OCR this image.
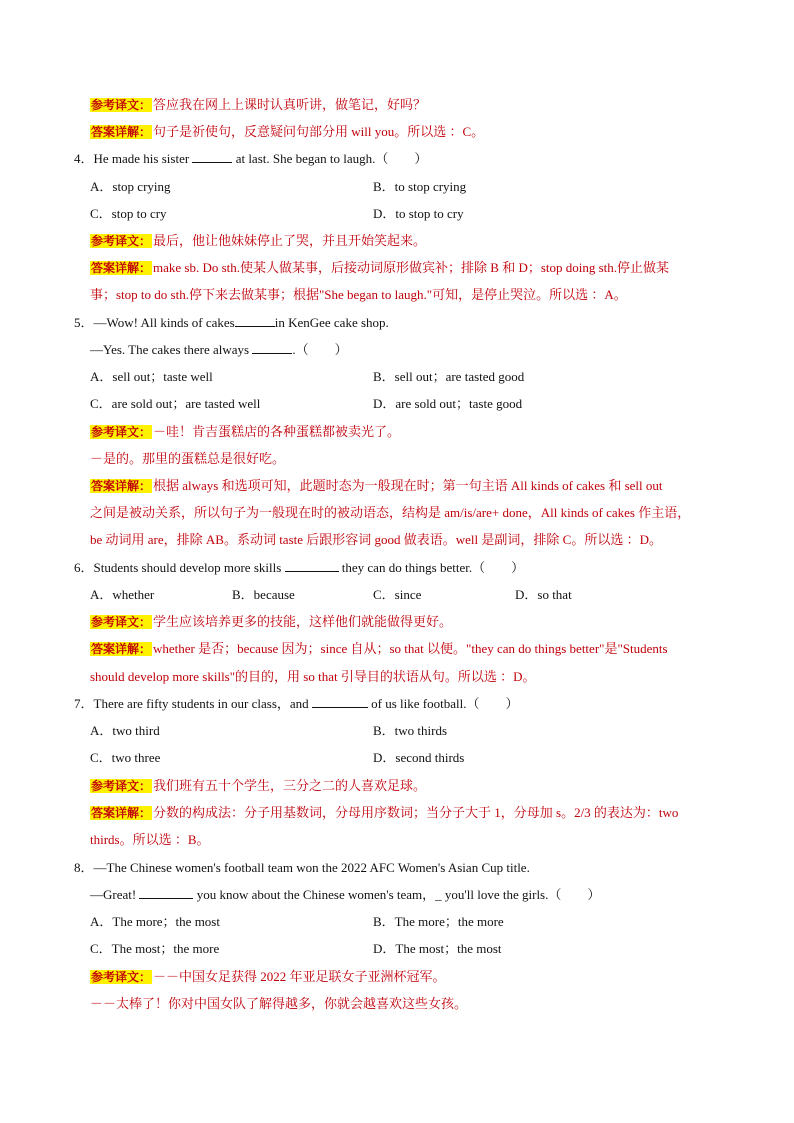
参考译文： 答应我在网上上课时认真听讲，做笔记，好吗？
答案详解： 句子是祈使句，反意疑问句部分用 will you。所以选 ：C。
4．He made his sister	at last. She began to laugh.（　　）
A．stop crying	B．to stop crying
C．stop to cry	D．to stop to cry
参考译文： 最后，他让他妹妹停止了哭，并且开始笑起来。
答案详解： make sb. Do sth.使某人做某事，后接动词原形做宾补；排除 B 和 D；stop doing sth.停止做某
事；stop to do sth.停下来去做某事；根据"She began to laugh."可知，是停止哭泣。所以选 ：A。
5．—Wow! All kinds of cakes	in KenGee cake shop.
—Yes. The cakes there always	.（　　）
A．sell out；taste well	B．sell out；are tasted good
C．are sold out；are tasted well	D．are sold out；taste good
参考译文： －哇！肯吉蛋糕店的各种蛋糕都被卖光了。
－是的。那里的蛋糕总是很好吃。
答案详解： 根据 always 和选项可知，此题时态为一般现在时；第一句主语 All kinds of cakes 和 sell out
之间是被动关系，所以句子为一般现在时的被动语态，结构是 am/is/are+ done，All kinds of cakes 作主语，
be 动词用 are，排除 AB。系动词 taste 后跟形容词 good 做表语。well 是副词，排除 C。所以选 ：D。
6．Students should develop more skills	they can do things better.（　　）
A．whether	B．because	C．since	D．so that
参考译文： 学生应该培养更多的技能，这样他们就能做得更好。
答案详解： whether 是否；because 因为；since 自从；so that 以便。"they can do things better"是"Students
should develop more skills"的目的，用 so that 引导目的状语从句。所以选 ：D。
7．There are fifty students in our class，and	of us like football.（　　）
A．two third	B．two thirds
C．two three	D．second thirds
参考译文： 我们班有五十个学生，三分之二的人喜欢足球。
答案详解： 分数的构成法：分子用基数词，分母用序数词；当分子大于 1，分母加 s。2/3 的表达为：two
thirds。所以选 ：B。
8．—The Chinese women's football team won the 2022 AFC Women's Asian Cup title.
—Great!	you know about the Chinese women's team，_ you'll love the girls.（　　）
A．The more；the most	B．The more；the more
C．The most；the more	D．The most；the most
参考译文： －－中国女足获得 2022 年亚足联女子亚洲杯冠军。
－－太棒了！你对中国女队了解得越多，你就会越喜欢这些女孩。
